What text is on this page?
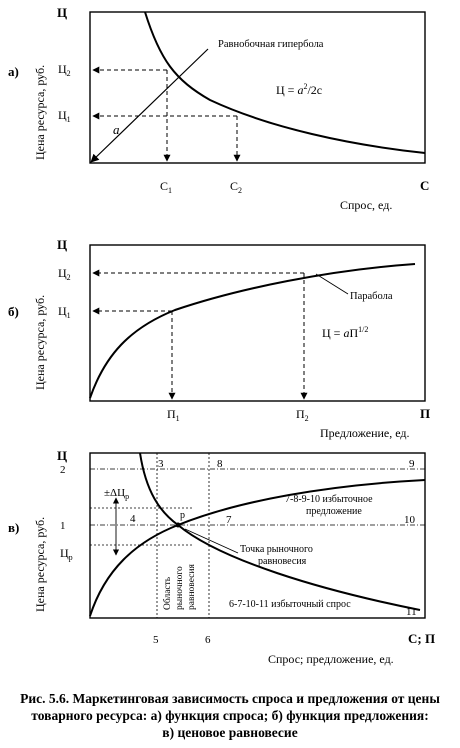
а)
Ц
Цена ресурса, руб. $Ц_2$
$Ц_1$
a
Равнобочная гипербола
$Ц = а^2/2с$
$С_1$	$С_2$	С
Спрос, ед.
б)
Ц
Цена ресурса, руб.
$Ц_2$
$Ц_1$
Парабола
$Ц = аП^{1/2}$
$П_1$	$П_2$	П
Предложение, ед.
в)
Ц
Цена ресурса, руб.
2
1
3	8	9
4	7	10
11
5	6
$Ц_р$
$\pm\Delta Ц_р$
р
Область рыночного равновесия
7-8-9-10 избыточное
предложение
Точка рыночного
равновесия
6-7-10-11 избыточный спрос
С; П
Спрос; предложение, ед.
Рис. 5.6. Маркетинговая зависимость спроса и предложения от цены
товарного ресурса: а) функция спроса; б) функция предложения:
в) ценовое равновесие
